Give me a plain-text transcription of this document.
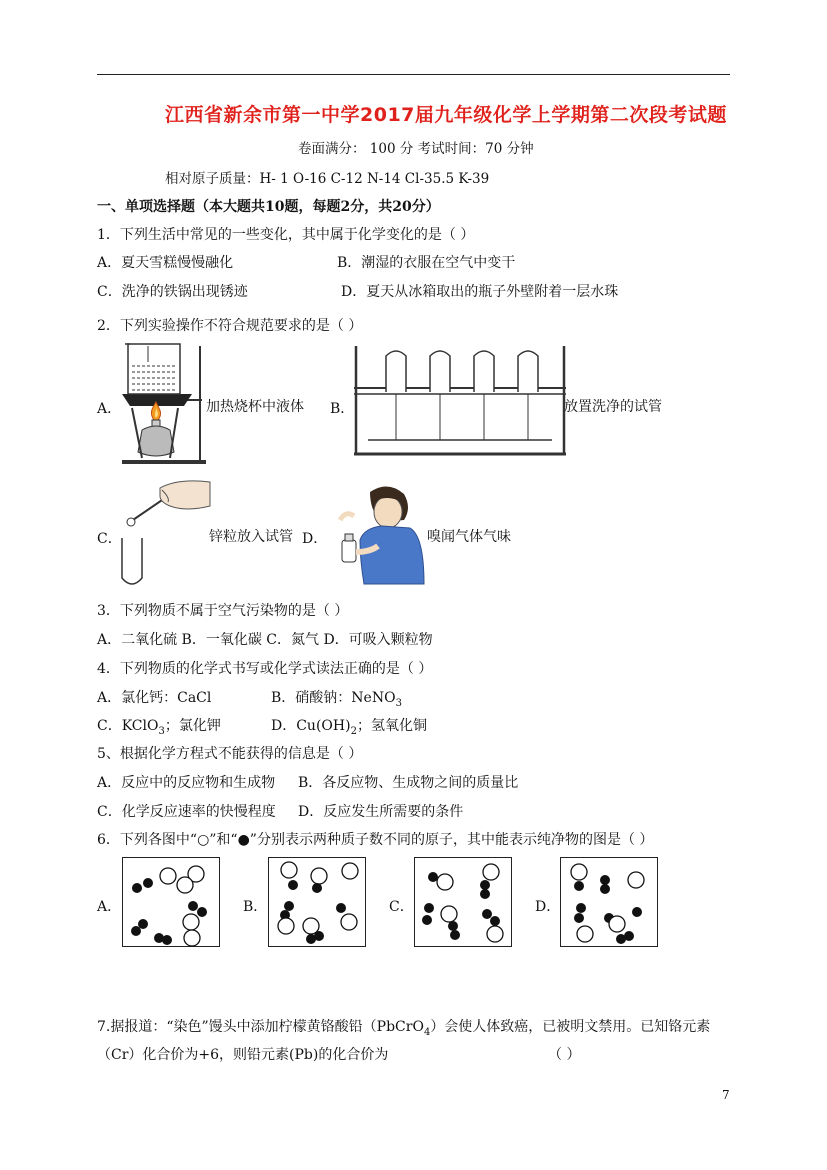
江西省新余市第一中学2017届九年级化学上学期第二次段考试题
卷面满分： 100 分 考试时间：70 分钟
相对原子质量：H- 1 O-16 C-12 N-14 Cl-35.5 K-39
一、单项选择题（本大题共10题，每题2分，共20分）
1．下列生活中常见的一些变化，其中属于化学变化的是（ ）
A．夏天雪糕慢慢融化	B．潮湿的衣服在空气中变干
C．洗净的铁锅出现锈迹	D．夏天从冰箱取出的瓶子外壁附着一层水珠
2．下列实验操作不符合规范要求的是（ ）
A．	加热烧杯中液体 B．	放置洗净的试管
C．	锌粒放入试管 D．	嗅闻气体气味
3．下列物质不属于空气污染物的是（ ）
A．二氧化硫 B．一氧化碳 C．氮气 D．可吸入颗粒物
4．下列物质的化学式书写或化学式读法正确的是（ ）
A．氯化钙：CaCl	B．硝酸钠：NeNO$_3$
C．KClO$_3$；氯化钾	D．$Cu(OH)_2$；氢氧化铜
5、根据化学方程式不能获得的信息是（ ）
A．反应中的反应物和生成物 B．各反应物、生成物之间的质量比
C．化学反应速率的快慢程度 D．反应发生所需要的条件
6．下列各图中“○”和“●”分别表示两种质子数不同的原子，其中能表示纯净物的图是（ ）
A．	B．	C．	D．
7.据报道：“染色”馒头中添加柠檬黄铬酸铅（PbCrO$_4$）会使人体致癌，已被明文禁用。已知铬元素
（Cr）化合价为+6，则铅元素(Pb)的化合价为	（ ）
7
